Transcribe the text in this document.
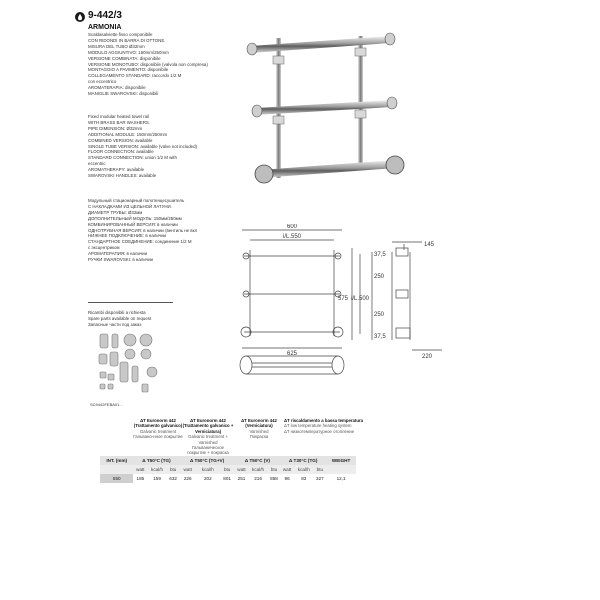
9-442/3
ARMONIA
Scaldasalviette fisso componibile
CON RIDONDI IN BARRA DI OTTONE.
MISURA DEL TUBO Ø32mm
MODULO AGGIUNTIVO: 150mm/250mm
VERSIONE COMBINATA: disponibile
VERSIONE MONOTUBO: disponibile (valvola non compresa)
MONTAGGIO A PAVIMENTO: disponibile
COLLEGAMENTO STANDARD: raccordo 1/2 M
con eccentrico
AROMATERAPIA: disponibile
MANIGLIE SWAROVSKI: disponibili
Fixed modular heated towel rail
WITH BRASS BAR WASHERS.
PIPE DIMENSION: Ø32mm
ADDITIONAL MODULE: 150mm/250mm
COMBINED VERSION: available
SINGLE TUBE VERSION: available (valve not included)
FLOOR CONNECTION: available
STANDARD CONNECTION: union 1/2 M with
eccentric
AROMATHERAPY: available
SWAROVSKI HANDLES: available
Модульный стационарный полотенцесушитель
С НАКЛАДКАМИ ИЗ ЦЕЛЬНОЙ ЛАТУНИ.
ДИАМЕТР ТРУБЫ: Ø32мм
ДОПОЛНИТЕЛЬНЫЙ МОДУЛЬ: 150мм/250мм
КОМБИНИРОВАННЫЙ ВЕРСИЯ: в наличии
ОДНОТРУБНАЯ ВЕРСИЯ: в наличии (вентиль не вкл
НИЖНЕЕ ПОДКЛЮЧЕНИЕ: в наличии
СТАНДАРТНОЕ СОЕДИНЕНИЕ: соединение 1/2 М
с эксцентриком
АРОМАТЕРАПИЯ: в наличии
РУЧКИ SWAROVSKI: в наличии
Ricambi disponibili a richiesta
Spare parts available on request
Запасные части под заказ
SC9442FEBA01...
600
i/L.550
625
575 i/L.500
145
37,5
250
250
37,5
220
ΔT Euronorm 442
(Trattamento galvanico)
Galvanic treatment
Гальвано-нное покрытие
ΔT Euronorm 442
(Trattamento galvanico + Verniciatura)
Galvanic treatment + Varnished
Гальваническое покрытие + покраска
ΔT Euronorm 442
(Verniciatura)
Varnished
Покраска
ΔT riscaldamento a bassa temperatura
ΔT low temperature heating system
ΔT низкотемпературное отопление
INT. (mm)	Δ T50°C (TG)			Δ T50°C (TG+V)			Δ T50°C (V)			Δ T30°C (TG)			WEIGHT
	watt	kcal/h	btu	watt	kcal/h	btu	watt	kcal/h	btu	watt	kcal/h	btu	
550	185	159	632	226	202	801	251	216	858	96	83	327	12,1
